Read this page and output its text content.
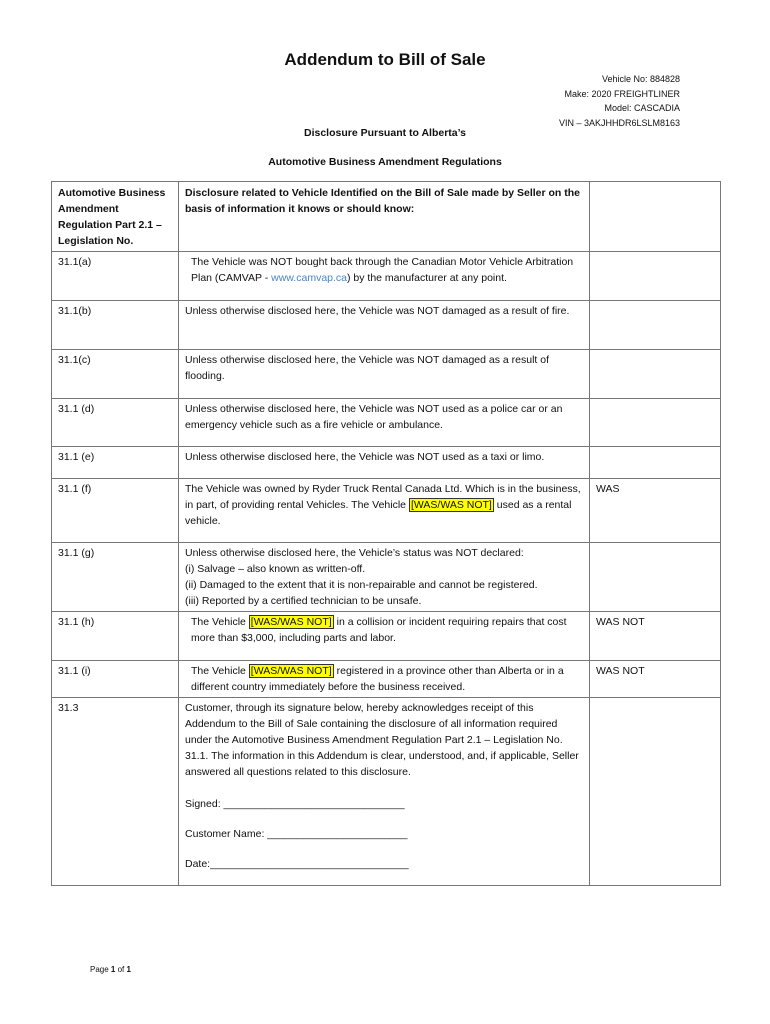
Addendum to Bill of Sale
Vehicle No: 884828
Make: 2020 FREIGHTLINER
Model: CASCADIA
VIN – 3AKJHHDR6LSLM8163
Disclosure Pursuant to Alberta’s
Automotive Business Amendment Regulations
Automotive Business Amendment Regulation Part 2.1 – Legislation No.	Disclosure related to Vehicle Identified on the Bill of Sale made by Seller on the basis of information it knows or should know:	
31.1(a)	The Vehicle was NOT bought back through the Canadian Motor Vehicle Arbitration Plan (CAMVAP - www.camvap.ca) by the manufacturer at any point.	

31.1(b)	Unless otherwise disclosed here, the Vehicle was NOT damaged as a result of fire.	
31.1(c)	Unless otherwise disclosed here, the Vehicle was NOT damaged as a result of flooding.	
31.1 (d)	Unless otherwise disclosed here, the Vehicle was NOT used as a police car or an emergency vehicle such as a fire vehicle or ambulance.	
31.1 (e)	Unless otherwise disclosed here, the Vehicle was NOT used as a taxi or limo.	
31.1 (f)	The Vehicle was owned by Ryder Truck Rental Canada Ltd. Which is in the business, in part, of providing rental Vehicles. The Vehicle [WAS/WAS NOT] used as a rental vehicle.	WAS
31.1 (g)	Unless otherwise disclosed here, the Vehicle’s status was NOT declared:
(i) Salvage – also known as written-off.
(ii) Damaged to the extent that it is non-repairable and cannot be registered.
(iii) Reported by a certified technician to be unsafe.	

31.1 (h)	The Vehicle [WAS/WAS NOT] in a collision or incident requiring repairs that cost more than $3,000, including parts and labor.	WAS NOT
31.1 (i)	The Vehicle [WAS/WAS NOT] registered in a province other than Alberta or in a different country immediately before the business received.	WAS NOT
31.3	Customer, through its signature below, hereby acknowledges receipt of this Addendum to the Bill of Sale containing the disclosure of all information required under the Automotive Business Amendment Regulation Part 2.1 – Legislation No. 31.1. The information in this Addendum is clear, understood, and, if applicable, Seller answered all questions related to this disclosure.
Signed: _______________________________
Customer Name: ________________________
Date:__________________________________	

Page 1 of 1
